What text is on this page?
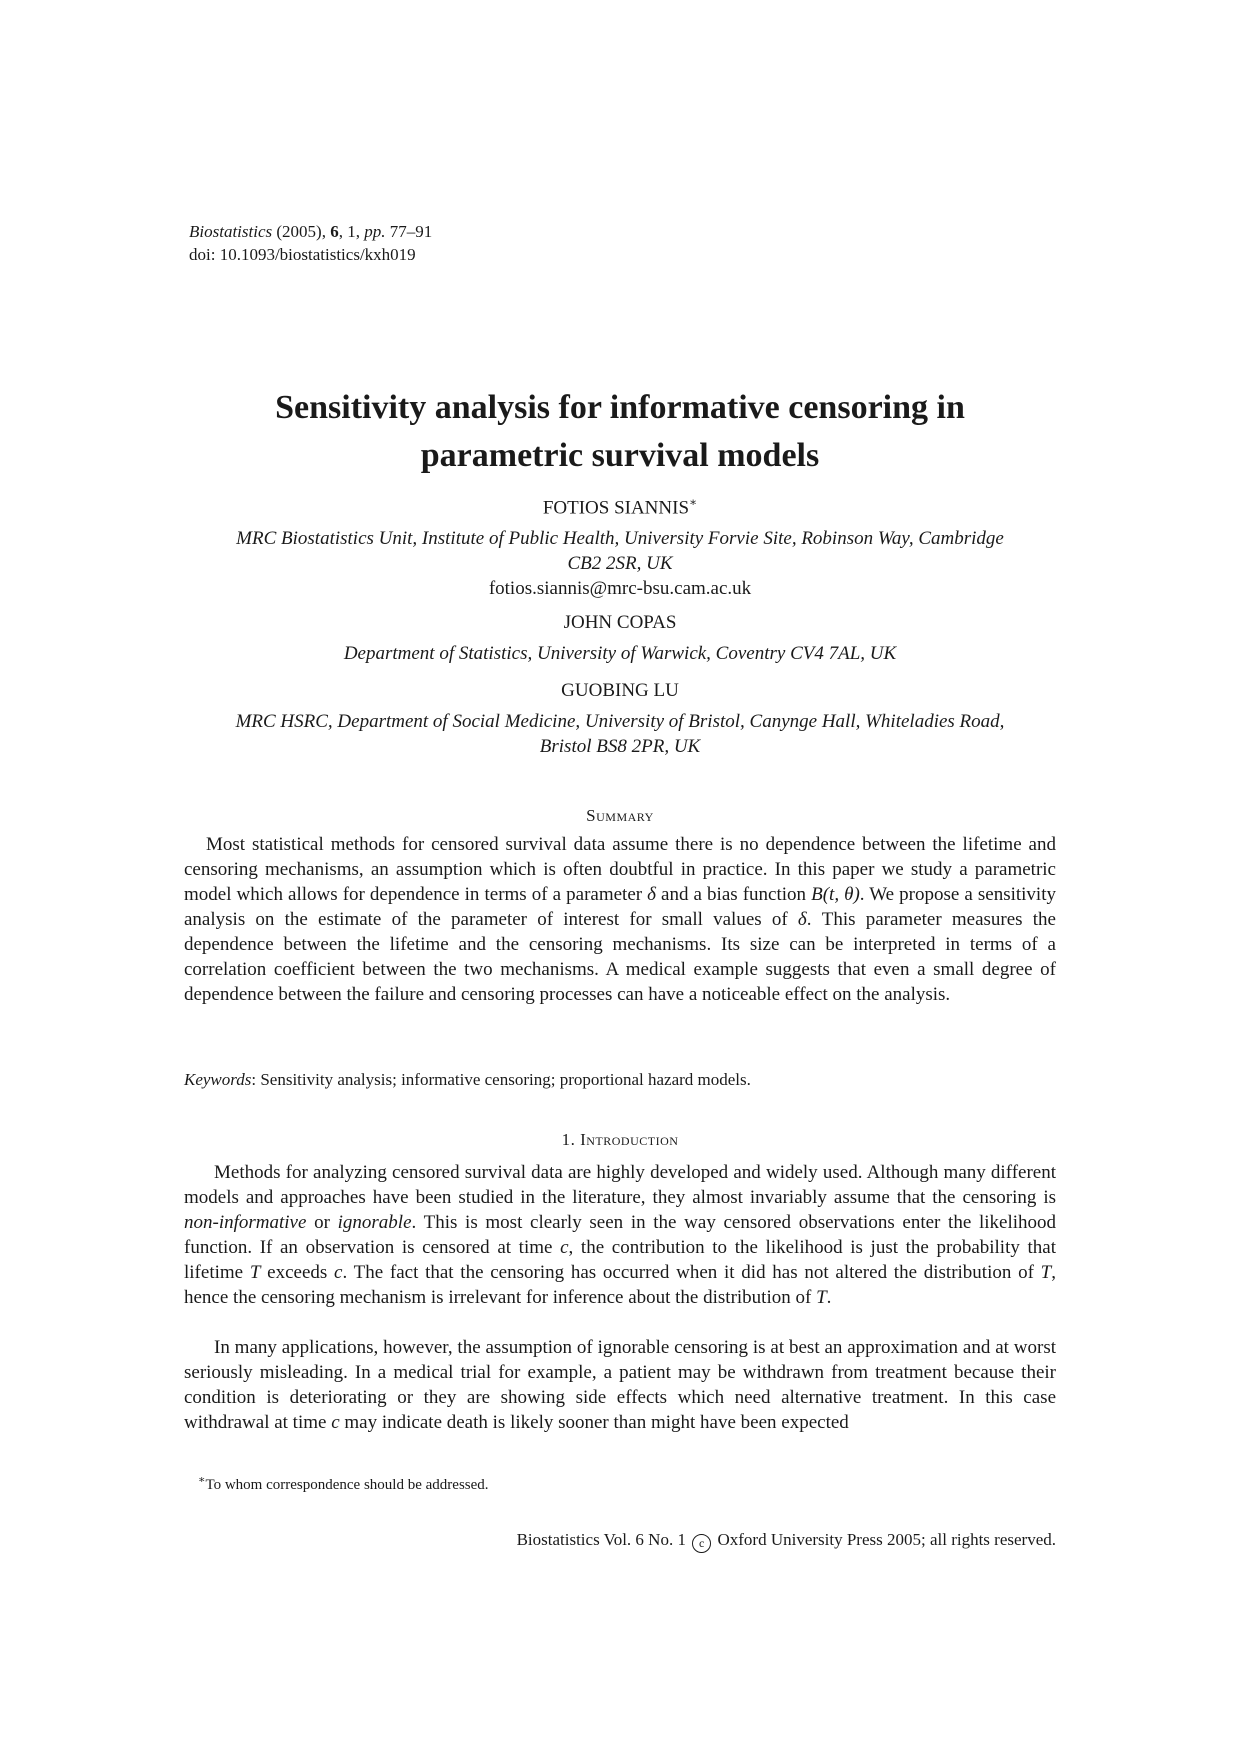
Biostatistics (2005), 6, 1, pp. 77–91
doi: 10.1093/biostatistics/kxh019
Sensitivity analysis for informative censoring in
parametric survival models
FOTIOS SIANNIS∗
MRC Biostatistics Unit, Institute of Public Health, University Forvie Site, Robinson Way, Cambridge
CB2 2SR, UK
fotios.siannis@mrc-bsu.cam.ac.uk
JOHN COPAS
Department of Statistics, University of Warwick, Coventry CV4 7AL, UK
GUOBING LU
MRC HSRC, Department of Social Medicine, University of Bristol, Canynge Hall, Whiteladies Road,
Bristol BS8 2PR, UK
Summary

Most statistical methods for censored survival data assume there is no dependence between the lifetime and censoring mechanisms, an assumption which is often doubtful in practice. In this paper we study a parametric model which allows for dependence in terms of a parameter δ and a bias function B(t, θ). We propose a sensitivity analysis on the estimate of the parameter of interest for small values of δ. This parameter measures the dependence between the lifetime and the censoring mechanisms. Its size can be interpreted in terms of a correlation coefficient between the two mechanisms. A medical example suggests that even a small degree of dependence between the failure and censoring processes can have a noticeable effect on the analysis.

Keywords: Sensitivity analysis; informative censoring; proportional hazard models.
1. Introduction

Methods for analyzing censored survival data are highly developed and widely used. Although many different models and approaches have been studied in the literature, they almost invariably assume that the censoring is non-informative or ignorable. This is most clearly seen in the way censored observations enter the likelihood function. If an observation is censored at time c, the contribution to the likelihood is just the probability that lifetime T exceeds c. The fact that the censoring has occurred when it did has not altered the distribution of T, hence the censoring mechanism is irrelevant for inference about the distribution of T.

In many applications, however, the assumption of ignorable censoring is at best an approximation and at worst seriously misleading. In a medical trial for example, a patient may be withdrawn from treatment because their condition is deteriorating or they are showing side effects which need alternative treatment. In this case withdrawal at time c may indicate death is likely sooner than might have been expected

∗To whom correspondence should be addressed.
Biostatistics Vol. 6 No. 1 c Oxford University Press 2005; all rights reserved.
